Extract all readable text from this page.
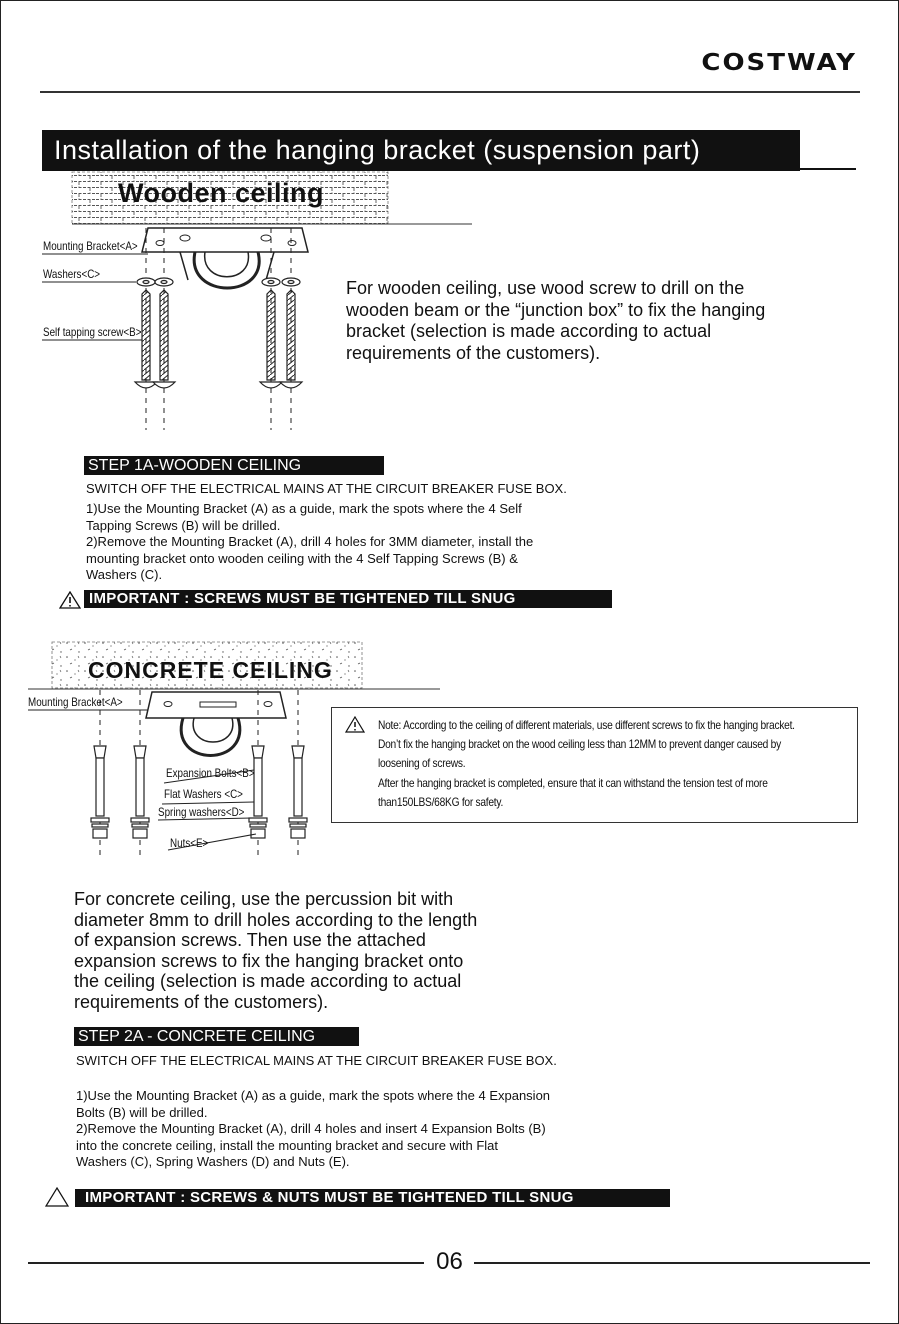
COSTWAY
Installation of the hanging bracket (suspension part)
Wooden ceiling
Mounting Bracket<A>
Washers<C>
Self tapping screw<B>
For wooden ceiling, use wood screw to drill on the
wooden beam or the “junction box” to fix the hanging
bracket (selection is made according to actual
requirements of the customers).
STEP 1A-WOODEN CEILING
SWITCH OFF THE ELECTRICAL MAINS AT THE CIRCUIT BREAKER FUSE BOX.
1)Use the Mounting Bracket (A) as a guide, mark the spots where the 4 Self
Tapping Screws (B) will be drilled.
2)Remove the Mounting Bracket (A), drill 4 holes for 3MM diameter, install the
mounting bracket onto wooden ceiling with the 4 Self Tapping Screws (B) &
Washers (C).
IMPORTANT : SCREWS MUST BE TIGHTENED TILL SNUG
CONCRETE CEILING
Mounting Bracket<A>
Expansion Bolts<B>
Flat Washers <C>
Spring washers<D>
Nuts<E>
Note: According to the ceiling of different materials, use different screws to fix the hanging bracket.
Don’t fix the hanging bracket on the wood ceiling less than 12MM to prevent danger caused by
loosening of screws.
After the hanging bracket is completed, ensure that it can withstand the tension test of more
than150LBS/68KG for safety.
For concrete ceiling, use the percussion bit with
diameter 8mm to drill holes according to the length
of expansion screws. Then use the attached
expansion screws to fix the hanging bracket onto
the ceiling (selection is made according to actual
requirements of the customers).
STEP 2A - CONCRETE CEILING
SWITCH OFF THE ELECTRICAL MAINS AT THE CIRCUIT BREAKER FUSE BOX.
1)Use the Mounting Bracket (A) as a guide, mark the spots where the 4 Expansion
Bolts (B) will be drilled.
2)Remove the Mounting Bracket (A), drill 4 holes and insert 4 Expansion Bolts (B)
into the concrete ceiling, install the mounting bracket and secure with Flat
Washers (C), Spring Washers (D) and Nuts (E).
IMPORTANT : SCREWS & NUTS MUST BE TIGHTENED TILL SNUG
06
